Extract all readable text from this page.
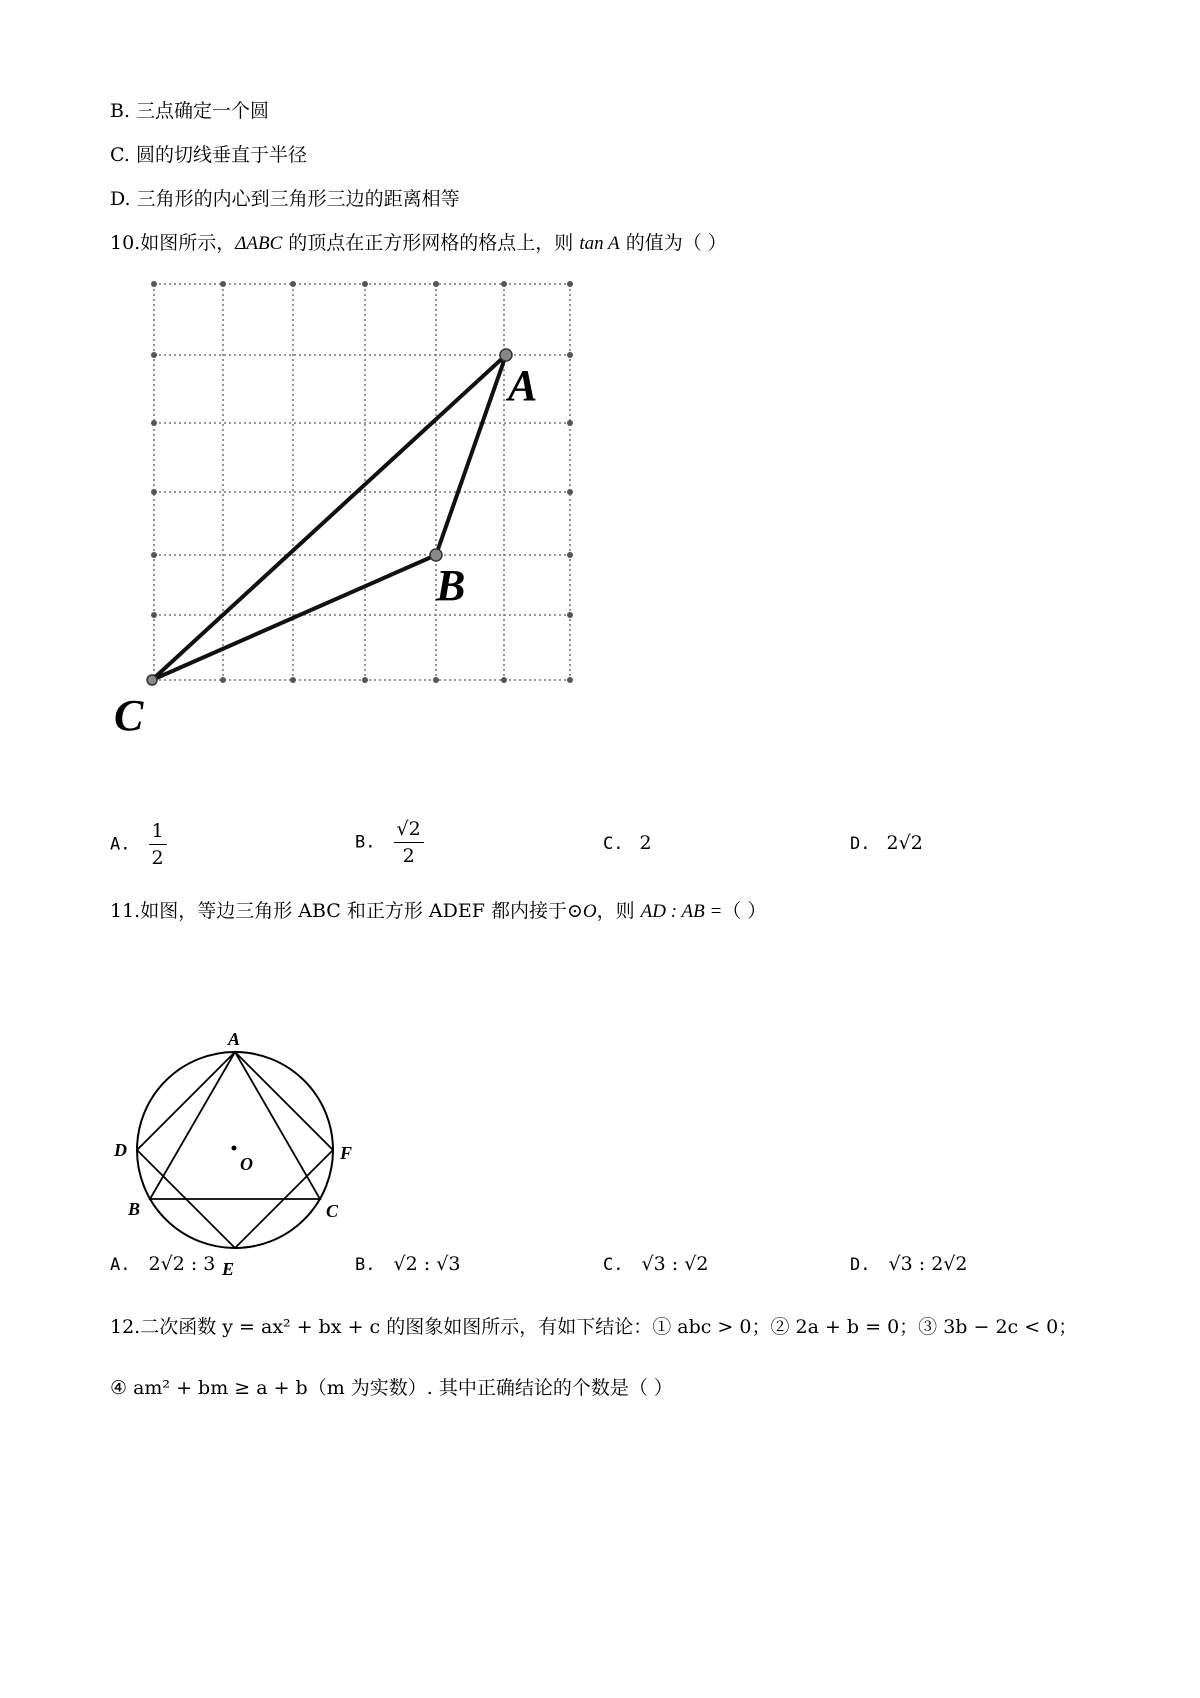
B. 三点确定一个圆
C. 圆的切线垂直于半径
D. 三角形的内心到三角形三边的距离相等
10.如图所示，ΔABC 的顶点在正方形网格的格点上，则 tan A 的值为（ ）
A
B
C
A. $\frac{1}{2}$	B. $\frac{√2}{2}$	C. 2	D. 2√2
11.如图，等边三角形 ABC 和正方形 ADEF 都内接于⊙O，则 AD : AB =（ ）
A
D	F
B	C
E
O
A. 2√2 : 3	B. √2 : √3	C. √3 : √2	D. √3 : 2√2
12.二次函数 y = ax² + bx + c 的图象如图所示，有如下结论：① abc > 0；② 2a + b = 0；③ 3b − 2c < 0；
④ am² + bm ≥ a + b（m 为实数）. 其中正确结论的个数是（ ）
